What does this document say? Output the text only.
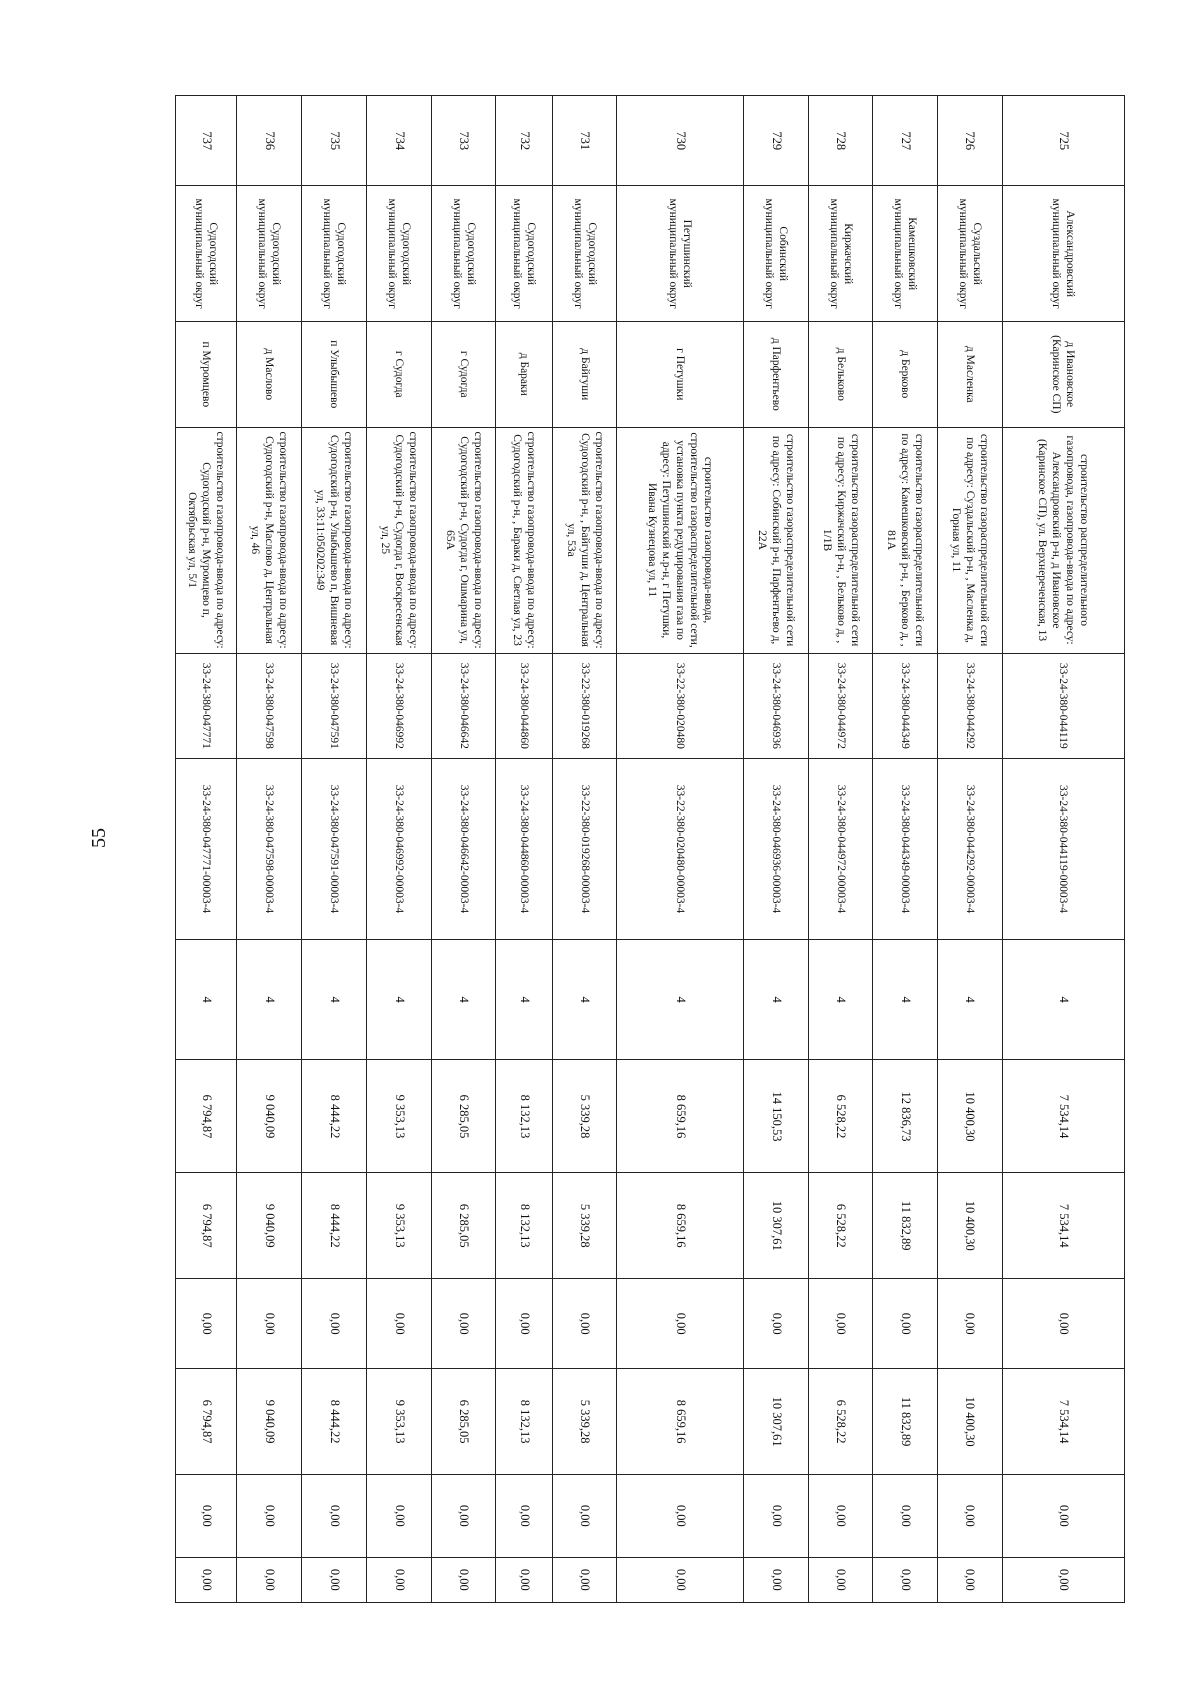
55
725	Александровский муниципальный округ	д Ивановское (Каринское СП)	строительство распределительного газопровода, газопровода-ввода по адресу: Александровский р-н, д Ивановское (Каринское СП), ул. Верхнереченская, 13	33-24-380-044119	33-24-380-044119-00003-4	4	7 534,14	7 534,14	0,00	7 534,14	0,00	0,00
726	Суздальский муниципальный округ	д Масленка	строительство газораспределительной сети по адресу: Суздальский р-н, , Масленка д, Горная ул, 11	33-24-380-044292	33-24-380-044292-00003-4	4	10 400,30	10 400,30	0,00	10 400,30	0,00	0,00
727	Камешковский муниципальный округ	д Берково	строительство газораспределительной сети по адресу: Камешковский р-н, , Берково д, , 81А	33-24-380-044349	33-24-380-044349-00003-4	4	12 836,73	11 832,89	0,00	11 832,89	0,00	0,00
728	Киржачский муниципальный округ	д Бельково	строительство газораспределительной сети по адресу: Киржачский р-н, , Бельково д, , 1/1В	33-24-380-044972	33-24-380-044972-00003-4	4	6 528,22	6 528,22	0,00	6 528,22	0,00	0,00
729	Собинский муниципальный округ	д Парфентьево	строительство газораспределительной сети по адресу: Собинский р-н, Парфентьево д, 22А	33-24-380-046936	33-24-380-046936-00003-4	4	14 150,53	10 307,61	0,00	10 307,61	0,00	0,00
730	Петушинский муниципальный округ	г Петушки	строительство газопровода-ввода, строительство газораспределительной сети, установка пункта редуцирования газа по адресу: Петушинский м.р-н, г Петушки, Ивана Кузнецова ул, 11	33-22-380-020480	33-22-380-020480-00003-4	4	8 659,16	8 659,16	0,00	8 659,16	0,00	0,00
731	Судогодский муниципальный округ	д Байгуши	строительство газопровода-ввода по адресу: Судогодский р-н, , Байгуши д, Центральная ул, 53а	33-22-380-019268	33-22-380-019268-00003-4	4	5 339,28	5 339,28	0,00	5 339,28	0,00	0,00
732	Судогодский муниципальный округ	д Бараки	строительство газопровода-ввода по адресу: Судогодский р-н, , Бараки д, Светлая ул, 23	33-24-380-044860	33-24-380-044860-00003-4	4	8 132,13	8 132,13	0,00	8 132,13	0,00	0,00
733	Судогодский муниципальный округ	г Судогда	строительство газопровода-ввода по адресу: Судогодский р-н, Судогда г, Ошмарина ул, 65А	33-24-380-046642	33-24-380-046642-00003-4	4	6 285,05	6 285,05	0,00	6 285,05	0,00	0,00
734	Судогодский муниципальный округ	г Судогда	строительство газопровода-ввода по адресу: Судогодский р-н, Судогда г, Воскресенская ул, 25	33-24-380-046992	33-24-380-046992-00003-4	4	9 353,13	9 353,13	0,00	9 353,13	0,00	0,00
735	Судогодский муниципальный округ	п Улыбышево	строительство газопровода-ввода по адресу: Судогодский р-н, Улыбышево п, Вишневая ул, 33:11:050202:349	33-24-380-047591	33-24-380-047591-00003-4	4	8 444,22	8 444,22	0,00	8 444,22	0,00	0,00
736	Судогодский муниципальный округ	д Маслово	строительство газопровода-ввода по адресу: Судогодский р-н, Маслово д, Центральная ул, 46	33-24-380-047598	33-24-380-047598-00003-4	4	9 040,09	9 040,09	0,00	9 040,09	0,00	0,00
737	Судогодский муниципальный округ	п Муромцево	строительство газопровода-ввода по адресу: Судогодский р-н, Муромцево п, Октябрьская ул, 5/1	33-24-380-047771	33-24-380-047771-00003-4	4	6 794,87	6 794,87	0,00	6 794,87	0,00	0,00
